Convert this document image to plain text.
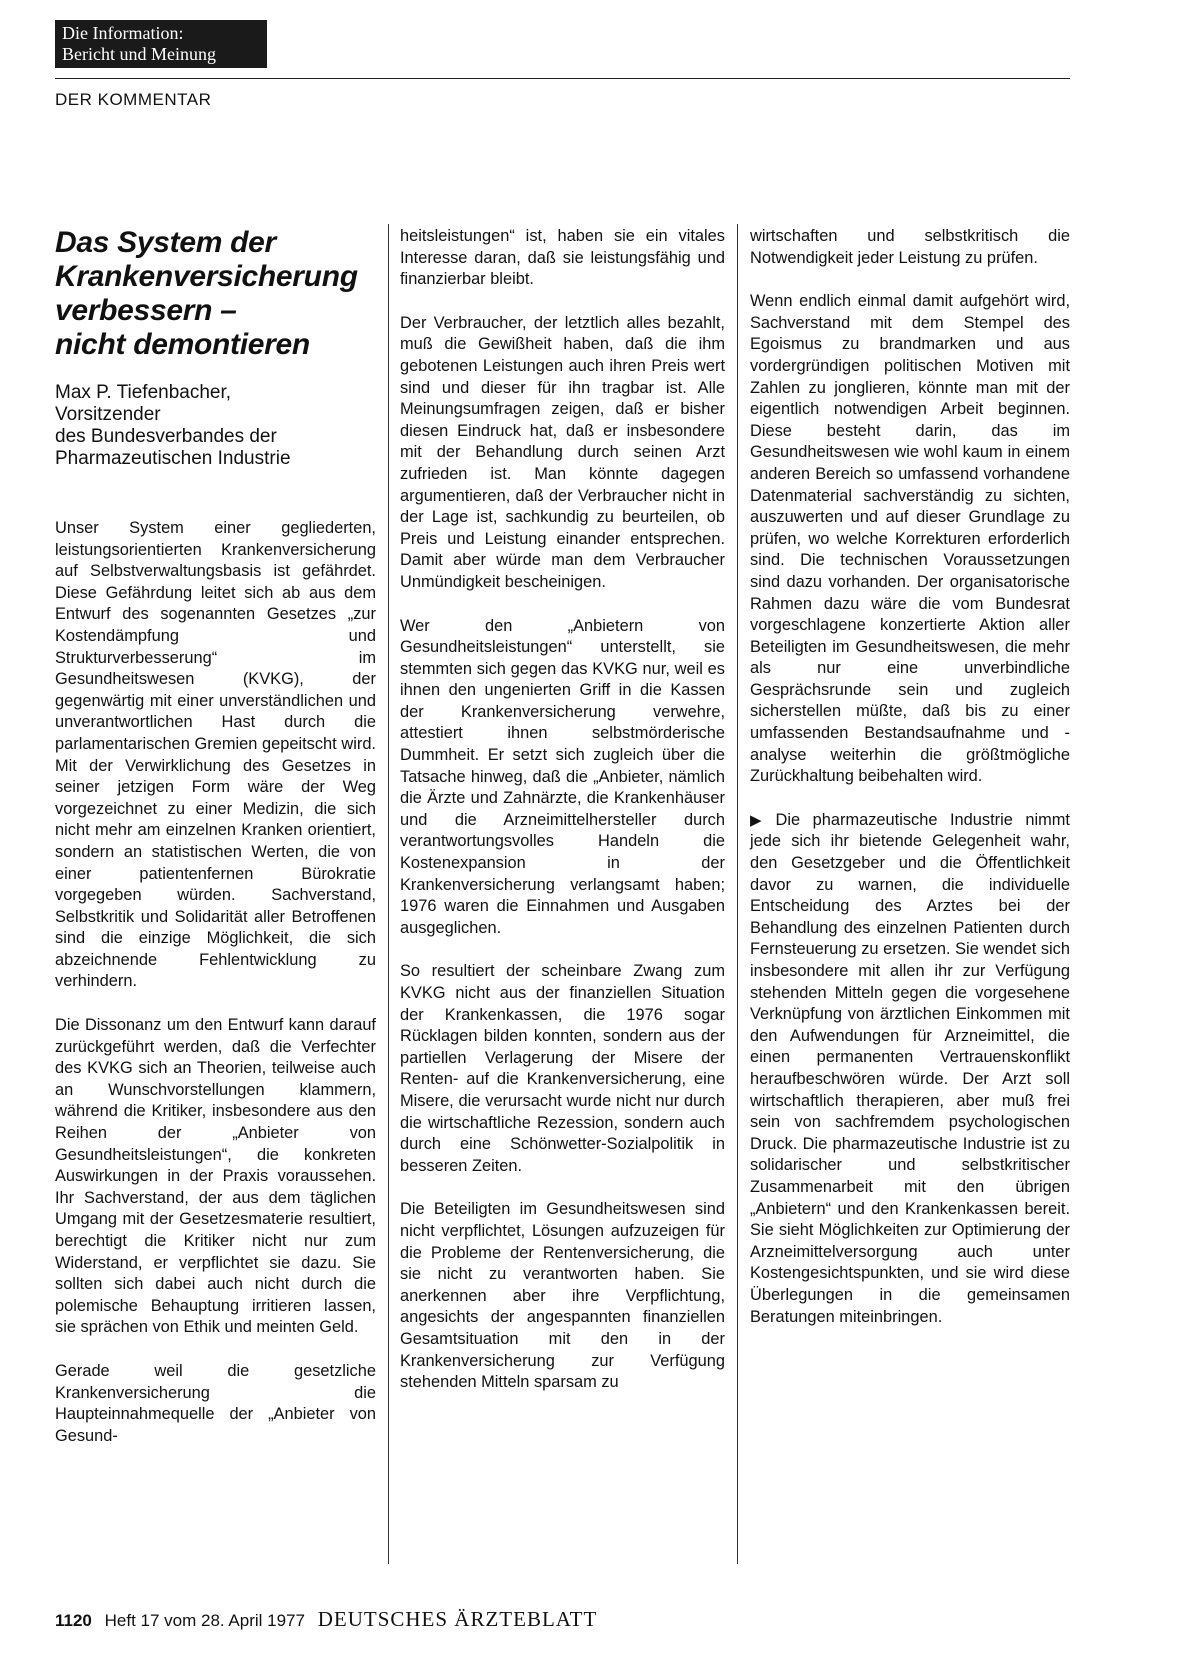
Die Information:
Bericht und Meinung
DER KOMMENTAR
Das System der
Krankenversicherung
verbessern –
nicht demontieren
Max P. Tiefenbacher,
Vorsitzender
des Bundesverbandes der
Pharmazeutischen Industrie

Unser System einer gegliederten, leistungsorientierten Krankenversicherung auf Selbstverwaltungsbasis ist gefährdet. Diese Gefährdung leitet sich ab aus dem Entwurf des sogenannten Gesetzes „zur Kostendämpfung und Strukturverbesserung“ im Gesundheitswesen (KVKG), der gegenwärtig mit einer unverständlichen und unverantwortlichen Hast durch die parlamentarischen Gremien gepeitscht wird. Mit der Verwirklichung des Gesetzes in seiner jetzigen Form wäre der Weg vorgezeichnet zu einer Medizin, die sich nicht mehr am einzelnen Kranken orientiert, sondern an statistischen Werten, die von einer patientenfernen Bürokratie vorgegeben würden. Sachverstand, Selbstkritik und Solidarität aller Betroffenen sind die einzige Möglichkeit, die sich abzeichnende Fehlentwicklung zu verhindern.

Die Dissonanz um den Entwurf kann darauf zurückgeführt werden, daß die Verfechter des KVKG sich an Theorien, teilweise auch an Wunschvorstellungen klammern, während die Kritiker, insbesondere aus den Reihen der „Anbieter von Gesundheitsleistungen“, die konkreten Auswirkungen in der Praxis voraussehen. Ihr Sachverstand, der aus dem täglichen Umgang mit der Gesetzesmaterie resultiert, berechtigt die Kritiker nicht nur zum Widerstand, er verpflichtet sie dazu. Sie sollten sich dabei auch nicht durch die polemische Behauptung irritieren lassen, sie sprächen von Ethik und meinten Geld.

Gerade weil die gesetzliche Krankenversicherung die Haupteinnahmequelle der „Anbieter von Gesund-

heitsleistungen“ ist, haben sie ein vitales Interesse daran, daß sie leistungsfähig und finanzierbar bleibt.

Der Verbraucher, der letztlich alles bezahlt, muß die Gewißheit haben, daß die ihm gebotenen Leistungen auch ihren Preis wert sind und dieser für ihn tragbar ist. Alle Meinungsumfragen zeigen, daß er bisher diesen Eindruck hat, daß er insbesondere mit der Behandlung durch seinen Arzt zufrieden ist. Man könnte dagegen argumentieren, daß der Verbraucher nicht in der Lage ist, sachkundig zu beurteilen, ob Preis und Leistung einander entsprechen. Damit aber würde man dem Verbraucher Unmündigkeit bescheinigen.

Wer den „Anbietern von Gesundheitsleistungen“ unterstellt, sie stemmten sich gegen das KVKG nur, weil es ihnen den ungenierten Griff in die Kassen der Krankenversicherung verwehre, attestiert ihnen selbstmörderische Dummheit. Er setzt sich zugleich über die Tatsache hinweg, daß die „Anbieter, nämlich die Ärzte und Zahnärzte, die Krankenhäuser und die Arzneimittelhersteller durch verantwortungsvolles Handeln die Kostenexpansion in der Krankenversicherung verlangsamt haben; 1976 waren die Einnahmen und Ausgaben ausgeglichen.

So resultiert der scheinbare Zwang zum KVKG nicht aus der finanziellen Situation der Krankenkassen, die 1976 sogar Rücklagen bilden konnten, sondern aus der partiellen Verlagerung der Misere der Renten- auf die Krankenversicherung, eine Misere, die verursacht wurde nicht nur durch die wirtschaftliche Rezession, sondern auch durch eine Schönwetter-Sozialpolitik in besseren Zeiten.

Die Beteiligten im Gesundheitswesen sind nicht verpflichtet, Lösungen aufzuzeigen für die Probleme der Rentenversicherung, die sie nicht zu verantworten haben. Sie anerkennen aber ihre Verpflichtung, angesichts der angespannten finanziellen Gesamtsituation mit den in der Krankenversicherung zur Verfügung stehenden Mitteln sparsam zu

wirtschaften und selbstkritisch die Notwendigkeit jeder Leistung zu prüfen.

Wenn endlich einmal damit aufgehört wird, Sachverstand mit dem Stempel des Egoismus zu brandmarken und aus vordergründigen politischen Motiven mit Zahlen zu jonglieren, könnte man mit der eigentlich notwendigen Arbeit beginnen. Diese besteht darin, das im Gesundheitswesen wie wohl kaum in einem anderen Bereich so umfassend vorhandene Datenmaterial sachverständig zu sichten, auszuwerten und auf dieser Grundlage zu prüfen, wo welche Korrekturen erforderlich sind. Die technischen Voraussetzungen sind dazu vorhanden. Der organisatorische Rahmen dazu wäre die vom Bundesrat vorgeschlagene konzertierte Aktion aller Beteiligten im Gesundheitswesen, die mehr als nur eine unverbindliche Gesprächsrunde sein und zugleich sicherstellen müßte, daß bis zu einer umfassenden Bestandsaufnahme und -analyse weiterhin die größtmögliche Zurückhaltung beibehalten wird.

▶ Die pharmazeutische Industrie nimmt jede sich ihr bietende Gelegenheit wahr, den Gesetzgeber und die Öffentlichkeit davor zu warnen, die individuelle Entscheidung des Arztes bei der Behandlung des einzelnen Patienten durch Fernsteuerung zu ersetzen. Sie wendet sich insbesondere mit allen ihr zur Verfügung stehenden Mitteln gegen die vorgesehene Verknüpfung von ärztlichen Einkommen mit den Aufwendungen für Arzneimittel, die einen permanenten Vertrauenskonflikt heraufbeschwören würde. Der Arzt soll wirtschaftlich therapieren, aber muß frei sein von sachfremdem psychologischen Druck. Die pharmazeutische Industrie ist zu solidarischer und selbstkritischer Zusammenarbeit mit den übrigen „Anbietern“ und den Krankenkassen bereit. Sie sieht Möglichkeiten zur Optimierung der Arzneimittelversorgung auch unter Kostengesichtspunkten, und sie wird diese Überlegungen in die gemeinsamen Beratungen miteinbringen.

1120 Heft 17 vom 28. April 1977 DEUTSCHES ÄRZTEBLATT
